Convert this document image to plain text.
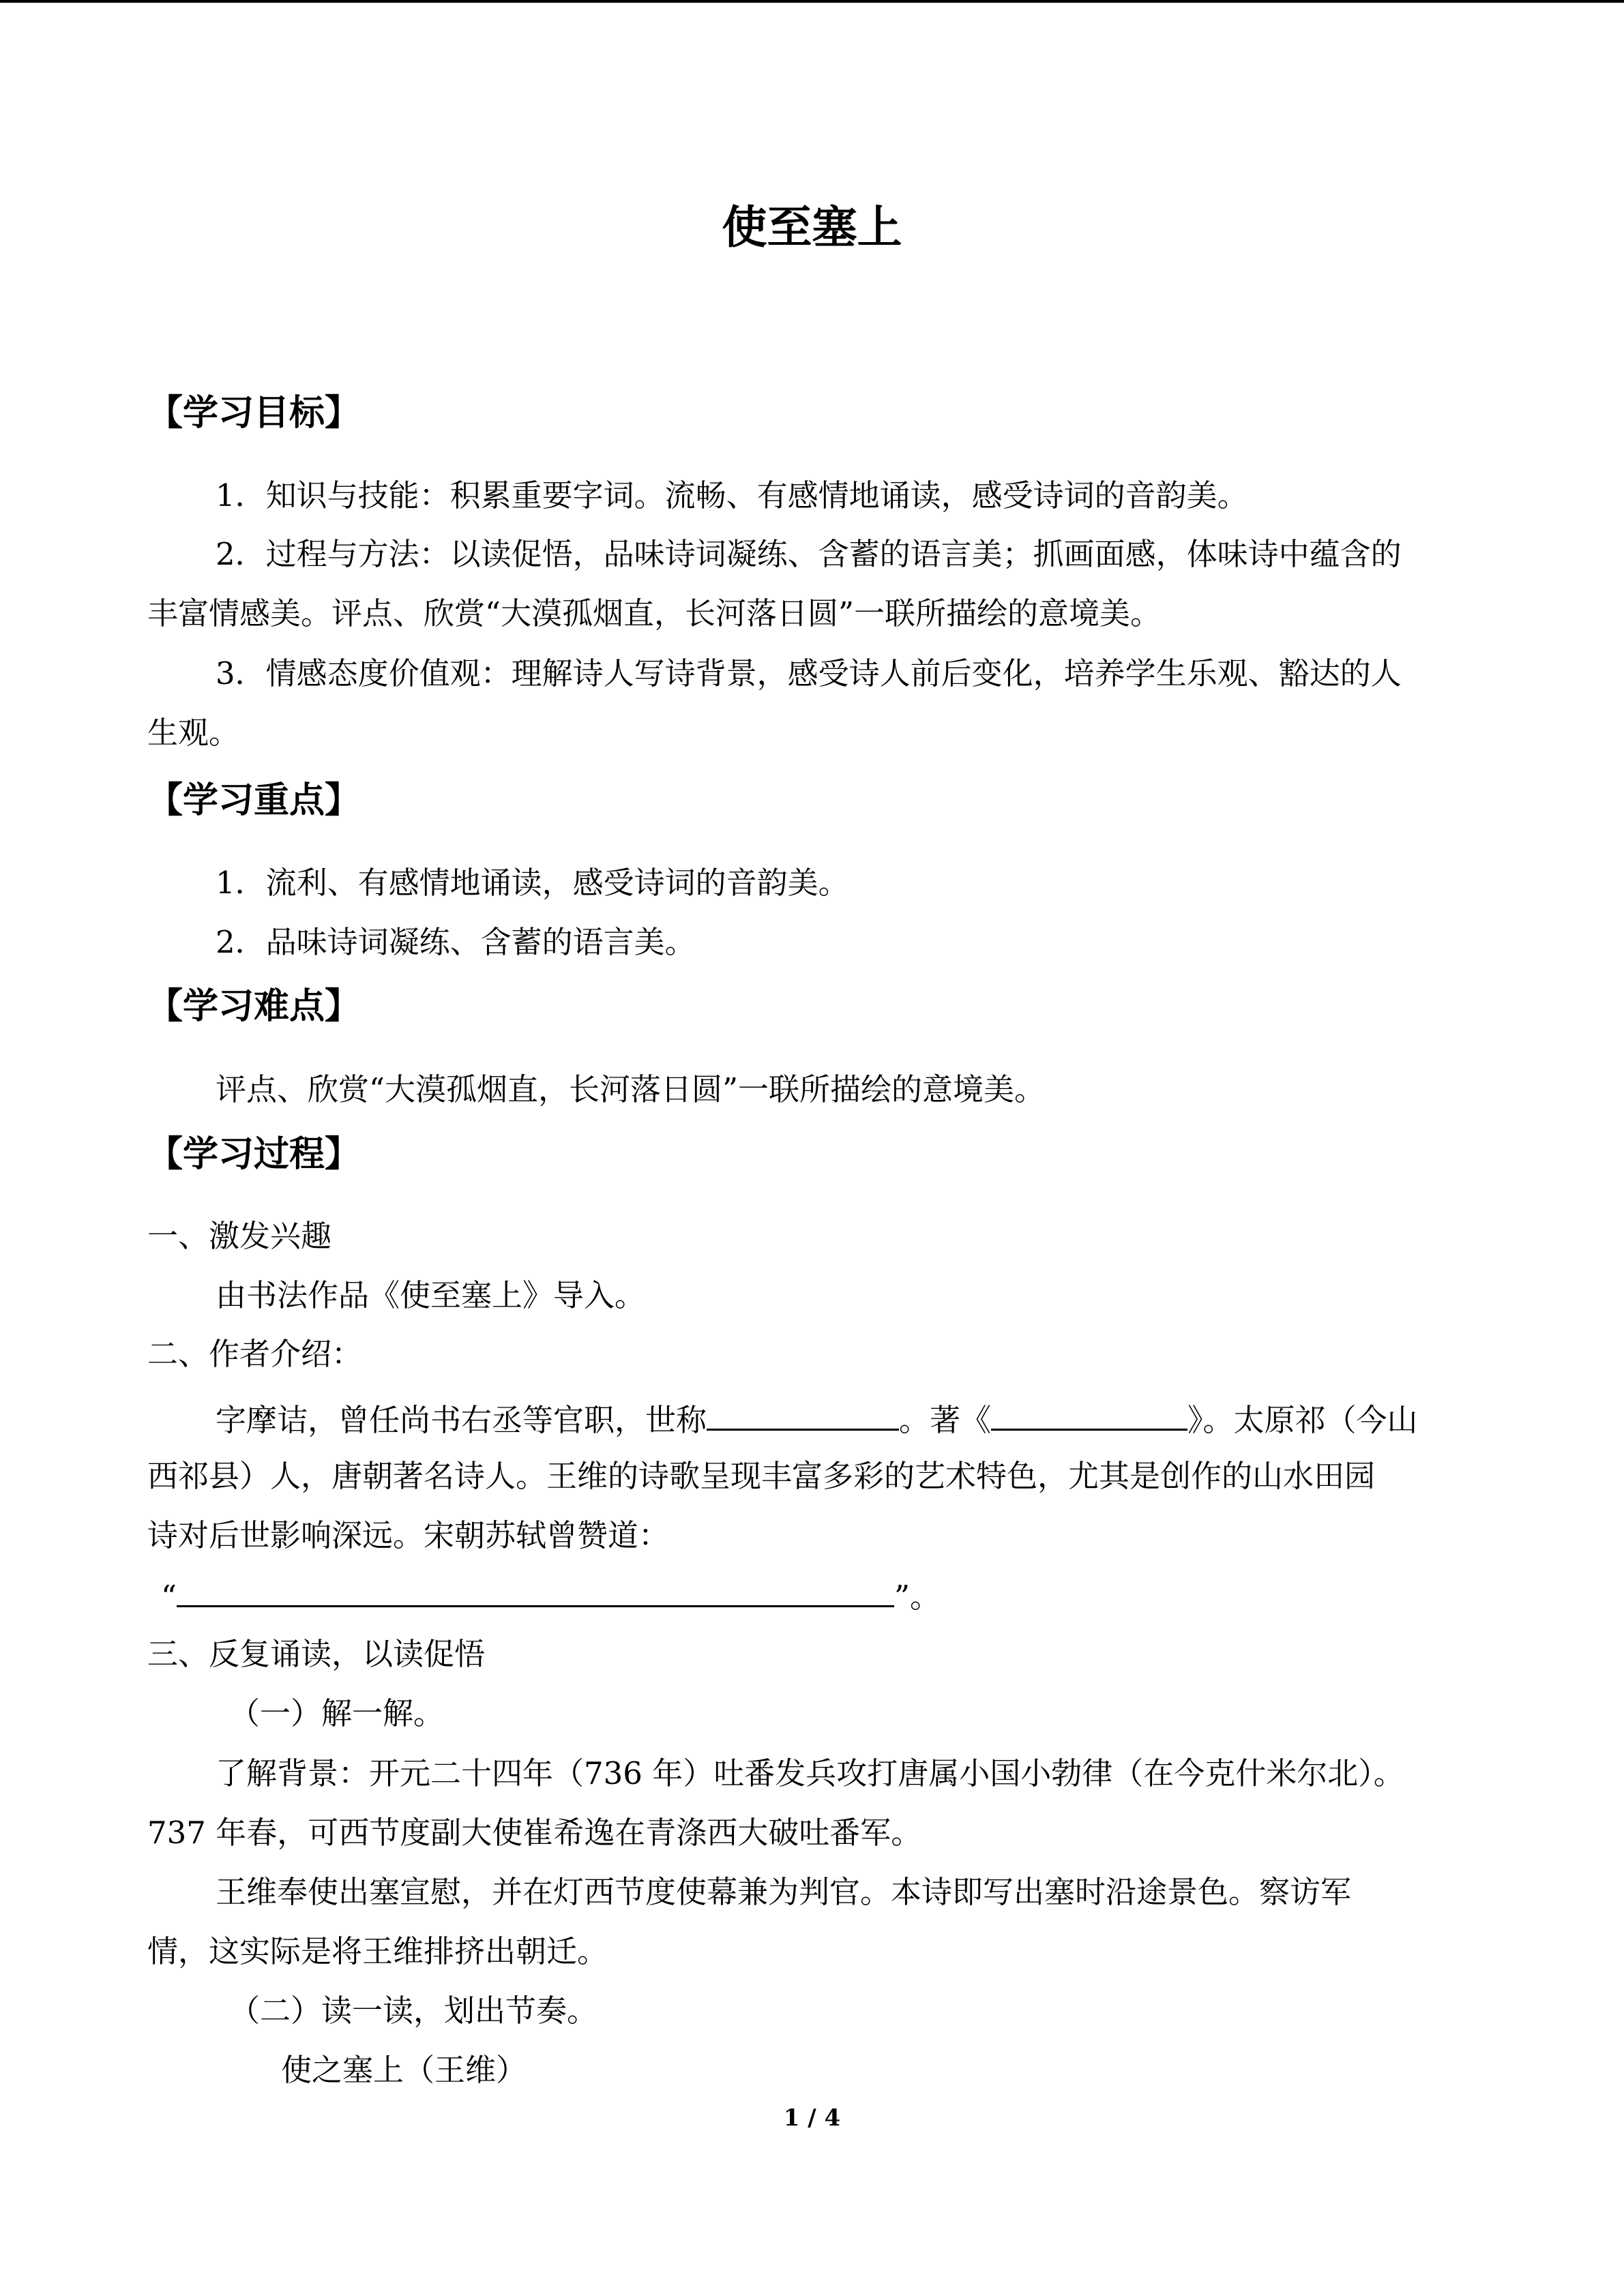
使至塞上
【学习目标】
1．知识与技能：积累重要字词。流畅、有感情地诵读，感受诗词的音韵美。
2．过程与方法：以读促悟，品味诗词凝练、含蓄的语言美；抓画面感，体味诗中蕴含的
丰富情感美。评点、欣赏“大漠孤烟直，长河落日圆”一联所描绘的意境美。
3．情感态度价值观：理解诗人写诗背景，感受诗人前后变化，培养学生乐观、豁达的人
生观。
【学习重点】
1．流利、有感情地诵读，感受诗词的音韵美。
2．品味诗词凝练、含蓄的语言美。
【学习难点】
评点、欣赏“大漠孤烟直，长河落日圆”一联所描绘的意境美。
【学习过程】
一、激发兴趣
由书法作品《使至塞上》导入。
二、作者介绍：
字摩诘，曾任尚书右丞等官职，世称	。著《	》。太原祁（今山
西祁县）人，唐朝著名诗人。王维的诗歌呈现丰富多彩的艺术特色，尤其是创作的山水田园
诗对后世影响深远。宋朝苏轼曾赞道：
“	”。
三、反复诵读，以读促悟
（一）解一解。
了解背景：开元二十四年（736 年）吐番发兵攻打唐属小国小勃律（在今克什米尔北）。
737 年春，可西节度副大使崔希逸在青涤西大破吐番军。
王维奉使出塞宣慰，并在灯西节度使幕兼为判官。本诗即写出塞时沿途景色。察访军
情，这实际是将王维排挤出朝迁。
（二）读一读，划出节奏。
使之塞上（王维）
1 / 4
